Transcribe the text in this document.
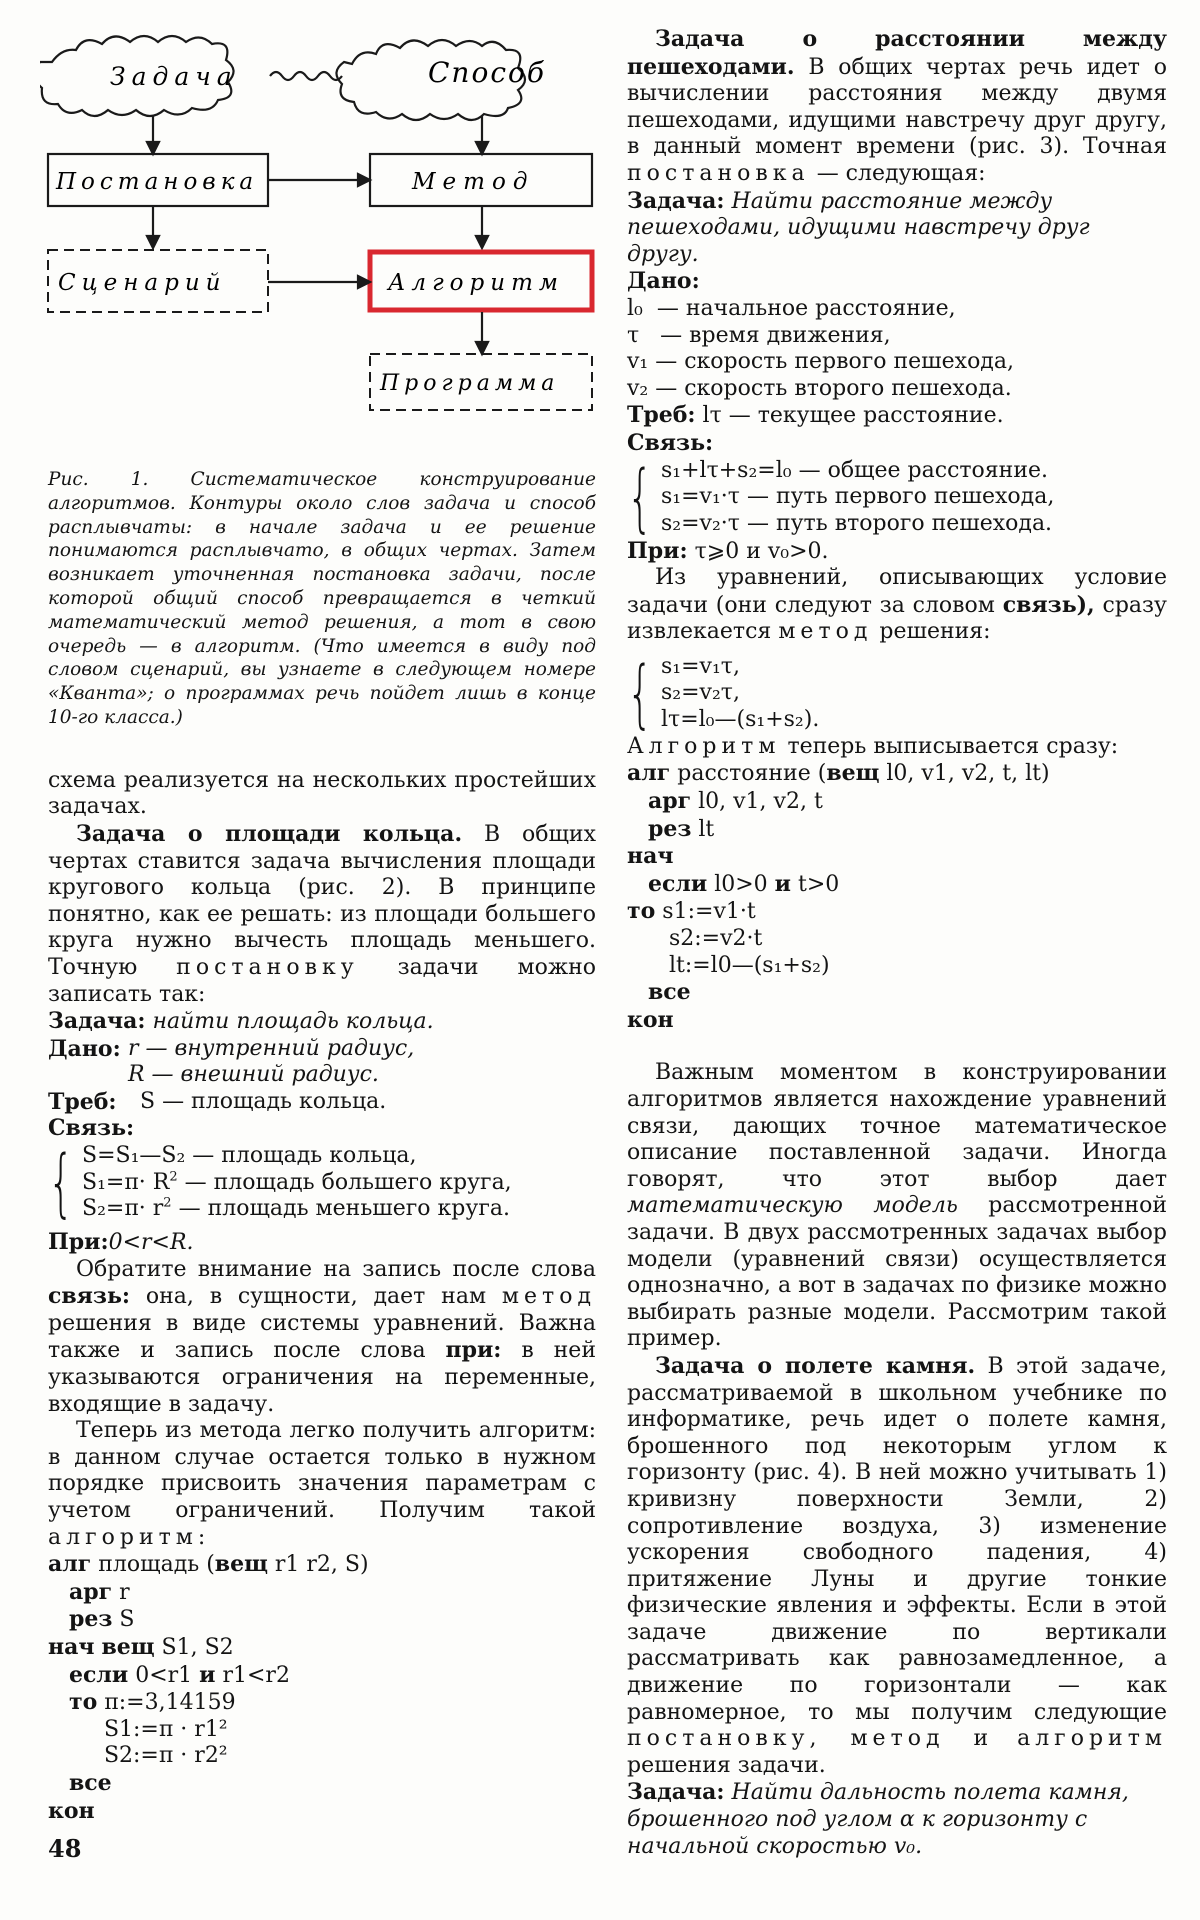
Задача	Способ
Постановка	Метод
Сценарий	Алгоритм
Программа

Рис. 1. Систематическое конструирование алгоритмов. Контуры около слов задача и способ расплывчаты: в начале задача и ее решение понимаются расплывчато, в общих чертах. Затем возникает уточненная постановка задачи, после которой общий способ превращается в четкий математический метод решения, а тот в свою очередь — в алгоритм. (Что имеется в виду под словом сценарий, вы узнаете в следующем номере «Кванта»; о программах речь пойдет лишь в конце 10-го класса.)

схема реализуется на нескольких простейших задачах.

Задача о площади кольца. В общих чертах ставится задача вычисления площади кругового кольца (рис. 2). В принципе понятно, как ее решать: из площади большего круга нужно вычесть площадь меньшего. Точную постановку задачи можно записать так:

Задача: найти площадь кольца.
Дано: r — внутренний радиус,
R — внешний радиус.
Треб:	S — площадь кольца.
Связь:
{ S=S₁—S₂ — площадь кольца,
$S_1=\pi\cdot R^2$ — площадь большего круга,
$S_2=\pi\cdot r^2$ — площадь меньшего круга.
При:0<r<R.

Обратите внимание на запись после слова связь: она, в сущности, дает нам метод решения в виде системы уравнений. Важна также и запись после слова при: в ней указываются ограничения на переменные, входящие в задачу.

Теперь из метода легко получить алгоритм: в данном случае остается только в нужном порядке присвоить значения параметрам с учетом ограничений. Получим такой алгоритм:

алг площадь (вещ r1 r2, S)
арг r
рез S
нач вещ S1, S2
если 0<r1 и r1<r2
то π:=3,14159
S1:=π · r1²
S2:=π · r2²
все
кон
48

Задача о расстоянии между пешеходами. В общих чертах речь идет о вычислении расстояния между двумя пешеходами, идущими навстречу друг другу, в данный момент времени (рис. 3). Точная постановка — следующая:

Задача: Найти расстояние между пешеходами, идущими навстречу друг другу.
Дано:
l₀  — начальное расстояние,
τ   — время движения,
v₁ — скорость первого пешехода,
v₂ — скорость второго пешехода.
Треб: lτ — текущее расстояние.
Связь:
{ s₁+lτ+s₂=l₀ — общее расстояние.
s₁=v₁·τ — путь первого пешехода,
s₂=v₂·τ — путь второго пешехода.
При: τ⩾0 и v₀>0.

Из уравнений, описывающих условие задачи (они следуют за словом связь), сразу извлекается метод решения:

{ s₁=v₁τ,
s₂=v₂τ,
lτ=l₀—(s₁+s₂).
Алгоритм теперь выписывается сразу:
алг расстояние (вещ l0, v1, v2, t, lt)
арг l0, v1, v2, t
рез lt
нач
если l0>0 и t>0
то s1:=v1·t
s2:=v2·t
lt:=l0—(s₁+s₂)
все
кон

Важным моментом в конструировании алгоритмов является нахождение уравнений связи, дающих точное математическое описание поставленной задачи. Иногда говорят, что этот выбор дает математическую модель рассмотренной задачи. В двух рассмотренных задачах выбор модели (уравнений связи) осуществляется однозначно, а вот в задачах по физике можно выбирать разные модели. Рассмотрим такой пример.

Задача о полете камня. В этой задаче, рассматриваемой в школьном учебнике по информатике, речь идет о полете камня, брошенного под некоторым углом к горизонту (рис. 4). В ней можно учитывать 1) кривизну поверхности Земли, 2) сопротивление воздуха, 3) изменение ускорения свободного падения, 4) притяжение Луны и другие тонкие физические явления и эффекты. Если в этой задаче движение по вертикали рассматривать как равнозамедленное, а движение по горизонтали — как равномерное, то мы получим следующие постановку, метод и алгоритм решения задачи.

Задача: Найти дальность полета камня, брошенного под углом α к горизонту с начальной скоростью v₀.
